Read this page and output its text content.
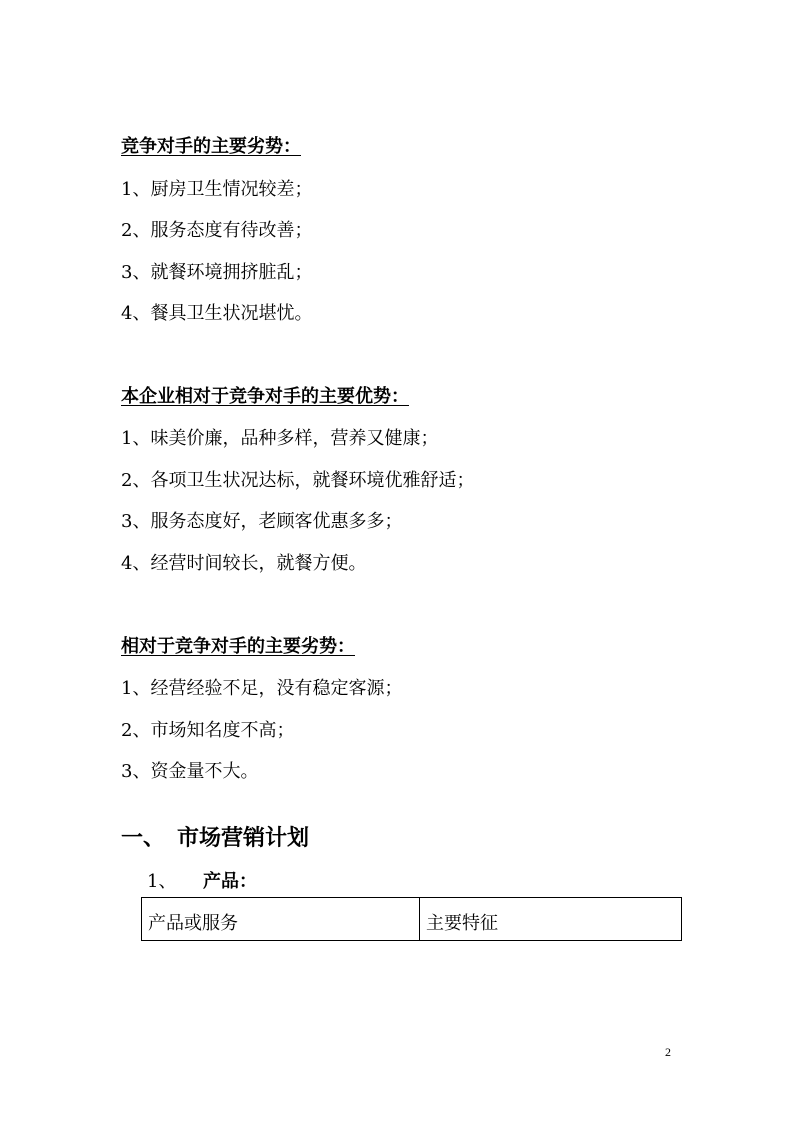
竞争对手的主要劣势：
1、厨房卫生情况较差；
2、服务态度有待改善；
3、就餐环境拥挤脏乱；
4、餐具卫生状况堪忧。
本企业相对于竞争对手的主要优势：
1、味美价廉，品种多样，营养又健康；
2、各项卫生状况达标，就餐环境优雅舒适；
3、服务态度好，老顾客优惠多多；
4、经营时间较长，就餐方便。
相对于竞争对手的主要劣势：
1、经营经验不足，没有稳定客源；
2、市场知名度不高；
3、资金量不大。
一、 市场营销计划
1、	产品：
产品或服务	主要特征
2
